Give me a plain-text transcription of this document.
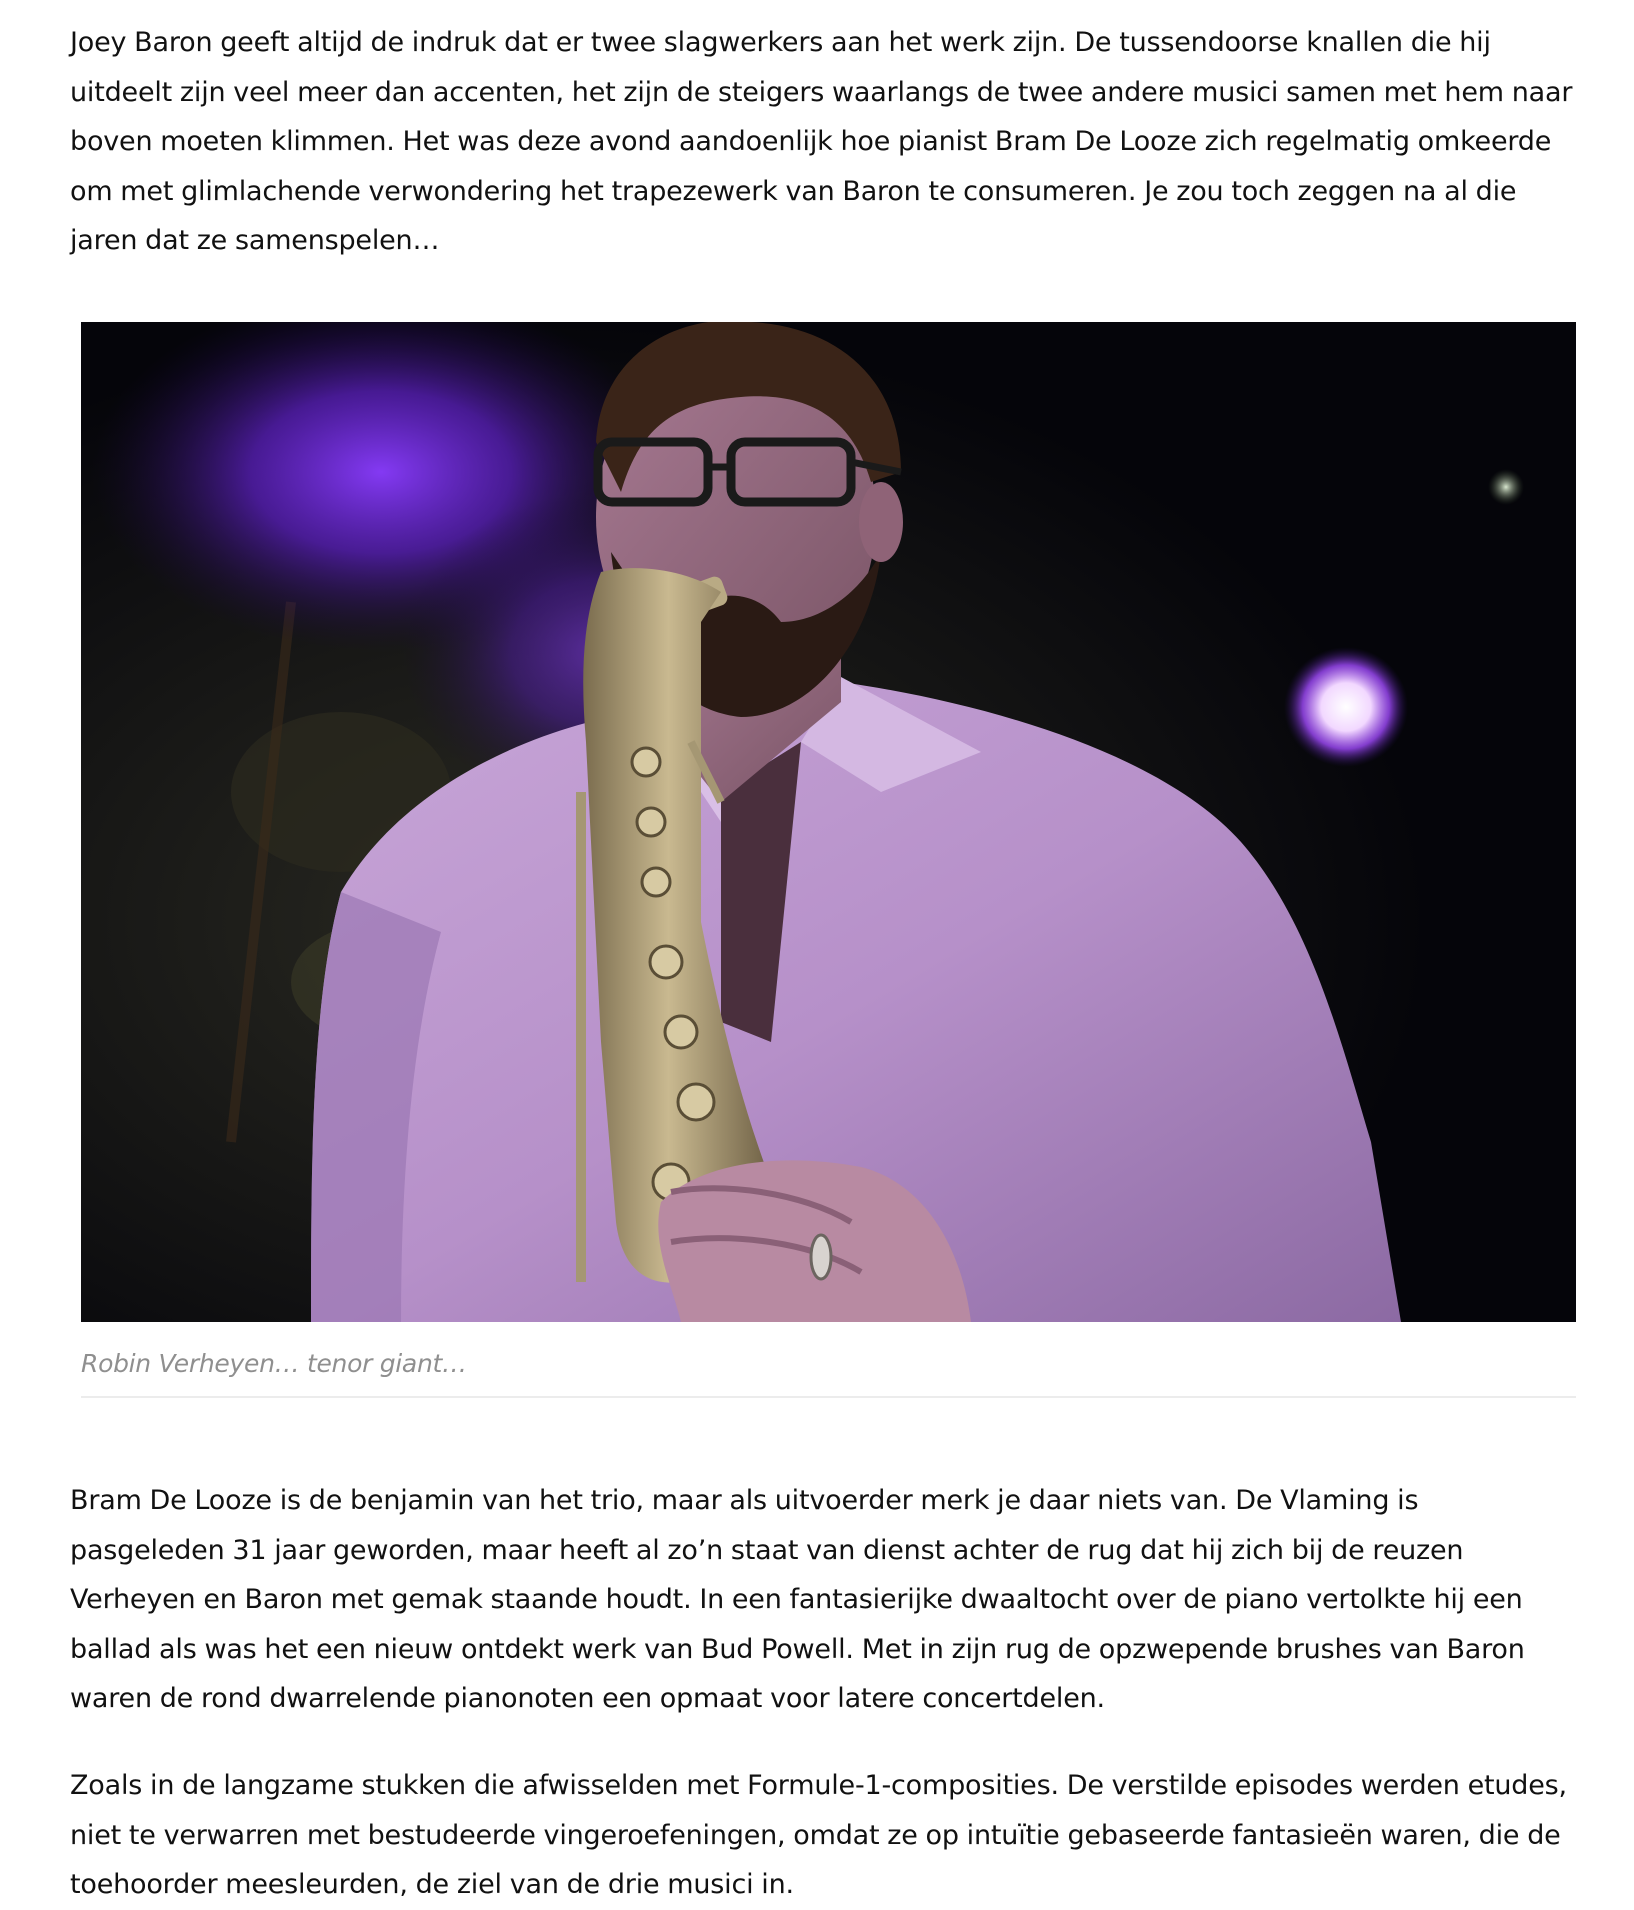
Joey Baron geeft altijd de indruk dat er twee slagwerkers aan het werk zijn. De tussendoorse knallen die hij uitdeelt zijn veel meer dan accenten, het zijn de steigers waarlangs de twee andere musici samen met hem naar boven moeten klimmen. Het was deze avond aandoenlijk hoe pianist Bram De Looze zich regelmatig omkeerde om met glimlachende verwondering het trapezewerk van Baron te consumeren. Je zou toch zeggen na al die jaren dat ze samenspelen…

Robin Verheyen… tenor giant…

Bram De Looze is de benjamin van het trio, maar als uitvoerder merk je daar niets van. De Vlaming is pasgeleden 31 jaar geworden, maar heeft al zo’n staat van dienst achter de rug dat hij zich bij de reuzen Verheyen en Baron met gemak staande houdt. In een fantasierijke dwaaltocht over de piano vertolkte hij een ballad als was het een nieuw ontdekt werk van Bud Powell. Met in zijn rug de opzwepende brushes van Baron waren de rond dwarrelende pianonoten een opmaat voor latere concertdelen.

Zoals in de langzame stukken die afwisselden met Formule-1-composities. De verstilde episodes werden etudes, niet te verwarren met bestudeerde vingeroefeningen, omdat ze op intuïtie gebaseerde fantasieën waren, die de toehoorder meesleurden, de ziel van de drie musici in.
